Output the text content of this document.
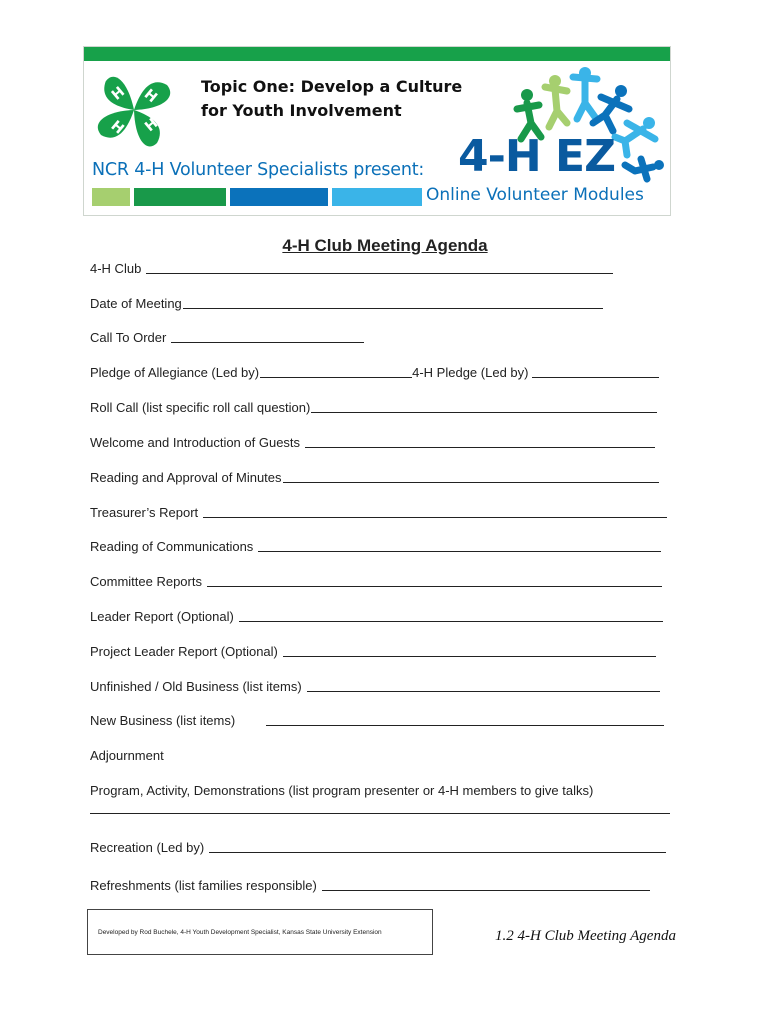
H H
H
H
Topic One: Develop a Culture
for Youth Involvement
4-H EZ
NCR 4-H Volunteer Specialists present:
Online Volunteer Modules
4-H Club Meeting Agenda
4-H Club
Date of Meeting
Call To Order
Pledge of Allegiance (Led by)	4-H Pledge (Led by)
Roll Call (list specific roll call question)
Welcome and Introduction of Guests
Reading and Approval of Minutes
Treasurer’s Report
Reading of Communications
Committee Reports
Leader Report (Optional)
Project Leader Report (Optional)
Unfinished / Old Business (list items)
New Business (list items)
Adjournment
Program, Activity, Demonstrations (list program presenter or 4-H members to give talks)
Recreation (Led by)
Refreshments (list families responsible)
Developed by Rod Buchele, 4-H Youth Development Specialist, Kansas State University Extension	1.2 4-H Club Meeting Agenda
